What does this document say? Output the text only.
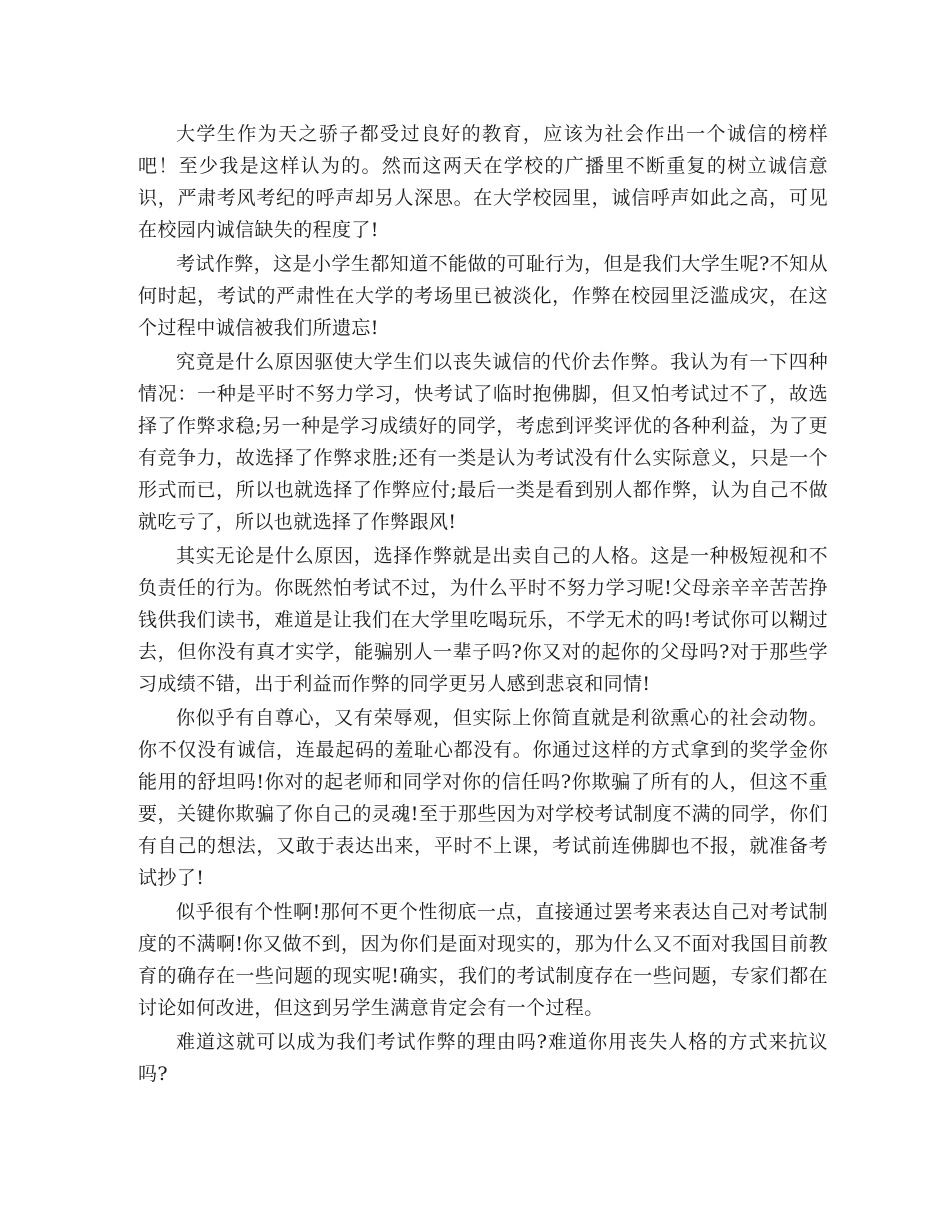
大学生作为天之骄子都受过良好的教育，应该为社会作出一个诚信的榜样吧！至少我是这样认为的。然而这两天在学校的广播里不断重复的树立诚信意识，严肃考风考纪的呼声却另人深思。在大学校园里，诚信呼声如此之高，可见在校园内诚信缺失的程度了!

考试作弊，这是小学生都知道不能做的可耻行为，但是我们大学生呢?不知从何时起，考试的严肃性在大学的考场里已被淡化，作弊在校园里泛滥成灾，在这个过程中诚信被我们所遗忘!

究竟是什么原因驱使大学生们以丧失诚信的代价去作弊。我认为有一下四种情况：一种是平时不努力学习，快考试了临时抱佛脚，但又怕考试过不了，故选择了作弊求稳;另一种是学习成绩好的同学，考虑到评奖评优的各种利益，为了更有竞争力，故选择了作弊求胜;还有一类是认为考试没有什么实际意义，只是一个形式而已，所以也就选择了作弊应付;最后一类是看到别人都作弊，认为自己不做就吃亏了，所以也就选择了作弊跟风!

其实无论是什么原因，选择作弊就是出卖自己的人格。这是一种极短视和不负责任的行为。你既然怕考试不过，为什么平时不努力学习呢!父母亲辛辛苦苦挣钱供我们读书，难道是让我们在大学里吃喝玩乐，不学无术的吗!考试你可以糊过去，但你没有真才实学，能骗别人一辈子吗?你又对的起你的父母吗?对于那些学习成绩不错，出于利益而作弊的同学更另人感到悲哀和同情!

你似乎有自尊心，又有荣辱观，但实际上你简直就是利欲熏心的社会动物。你不仅没有诚信，连最起码的羞耻心都没有。你通过这样的方式拿到的奖学金你能用的舒坦吗!你对的起老师和同学对你的信任吗?你欺骗了所有的人，但这不重要，关键你欺骗了你自己的灵魂!至于那些因为对学校考试制度不满的同学，你们有自己的想法，又敢于表达出来，平时不上课，考试前连佛脚也不报，就准备考试抄了!

似乎很有个性啊!那何不更个性彻底一点，直接通过罢考来表达自己对考试制度的不满啊!你又做不到，因为你们是面对现实的，那为什么又不面对我国目前教育的确存在一些问题的现实呢!确实，我们的考试制度存在一些问题，专家们都在讨论如何改进，但这到另学生满意肯定会有一个过程。

难道这就可以成为我们考试作弊的理由吗?难道你用丧失人格的方式来抗议吗?
